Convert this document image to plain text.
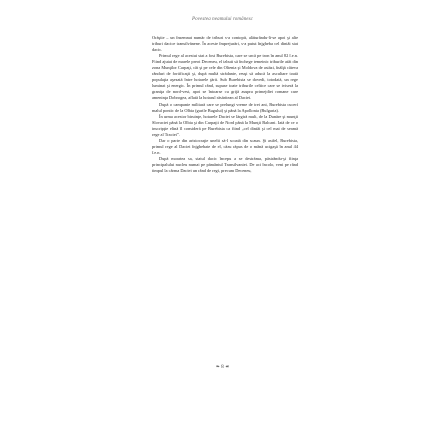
Povestea neamului românesc

Orăştie – un însemnat număr de triburi s-a contopit, alăturându-li-se apoi şi alte triburi dacice transilvănene. În aceste împrejurări, s-a putut înjgheba cel dintâi stat dacic.

Primul rege al acestui stat a fost Burebista, care se urcă pe tron în anul 82 î.e.n. Fiind ajutat de marele preot Deceneu, el izbuti să închege temeinic triburile atât din zona Munţilor Carpaţi, cât şi pe cele din Oltenia şi Moldova de astăzi, înălţă câteva rânduri de fortificaţii şi, după multă strădanie, reuşi să aducă la ascultare toată populaţia aşezată între hotarele ţării. Sub Burebista se dovedi, totodată, un rege luminat şi energic. În primul rând, supuse toate triburile celtice care se iviseră la graniţa de nord-vest, apoi se întoarse cu grijă asupra primejdiei romane care ameninţa Dobrogea, aflată la hotarul răsăritean al Daciei.

După o campanie militară care se prelungi vreme de trei ani, Burebista cucerí malul pontic de la Olbia (gurile Bugului) şi până la Apollonia (Bulgaria).

În urma acestor biruinţe, hotarele Daciei se lărgiră mult, de la Dunăre şi munţii Slovaciei până la Olbia şi din Carpaţii de Nord până la Munţii Balcani. Iată de ce o inscripţie elină îl consideră pe Burebista ca fiind „cel dintâi şi cel mai de seamă rege al Traciei”.

Dar o parte din aristocraţie unelti să-l scoată din scaun. Şi astfel, Burebista, primul rege al Daciei înjghebate de el, căzu răpus de o mână ucigaşă în anul 44 î.e.n.

După moartea sa, statul dacic începu a se destrăma, păstrându-şi fiinţa principalului nucleu numai pe pământul Transilvaniei. De aci încolo, veni pe rând timpul la cârma Daciei un rând de regi, precum Deceneu,

❧ 8 ☙
